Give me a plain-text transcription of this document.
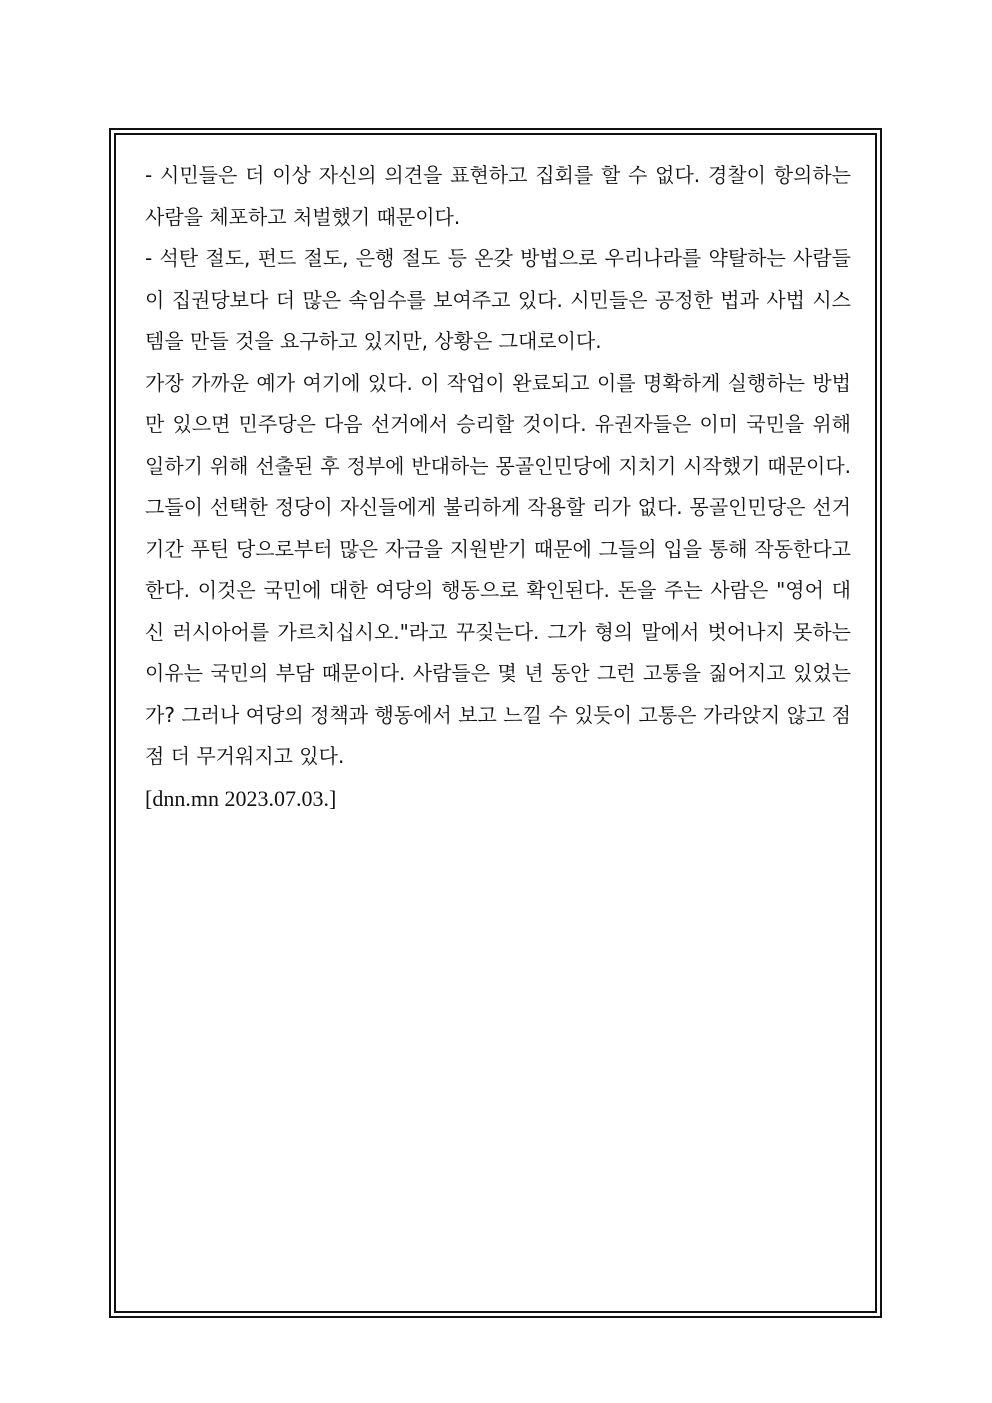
- 시민들은 더 이상 자신의 의견을 표현하고 집회를 할 수 없다. 경찰이 항의하는 사람을 체포하고 처벌했기 때문이다.

- 석탄 절도, 펀드 절도, 은행 절도 등 온갖 방법으로 우리나라를 약탈하는 사람들이 집권당보다 더 많은 속임수를 보여주고 있다. 시민들은 공정한 법과 사법 시스템을 만들 것을 요구하고 있지만, 상황은 그대로이다.

가장 가까운 예가 여기에 있다. 이 작업이 완료되고 이를 명확하게 실행하는 방법만 있으면 민주당은 다음 선거에서 승리할 것이다. 유권자들은 이미 국민을 위해 일하기 위해 선출된 후 정부에 반대하는 몽골인민당에 지치기 시작했기 때문이다. 그들이 선택한 정당이 자신들에게 불리하게 작용할 리가 없다. 몽골인민당은 선거 기간 푸틴 당으로부터 많은 자금을 지원받기 때문에 그들의 입을 통해 작동한다고 한다. 이것은 국민에 대한 여당의 행동으로 확인된다. 돈을 주는 사람은 "영어 대신 러시아어를 가르치십시오."라고 꾸짖는다. 그가 형의 말에서 벗어나지 못하는 이유는 국민의 부담 때문이다. 사람들은 몇 년 동안 그런 고통을 짊어지고 있었는가? 그러나 여당의 정책과 행동에서 보고 느낄 수 있듯이 고통은 가라앉지 않고 점점 더 무거워지고 있다.

[dnn.mn 2023.07.03.]
